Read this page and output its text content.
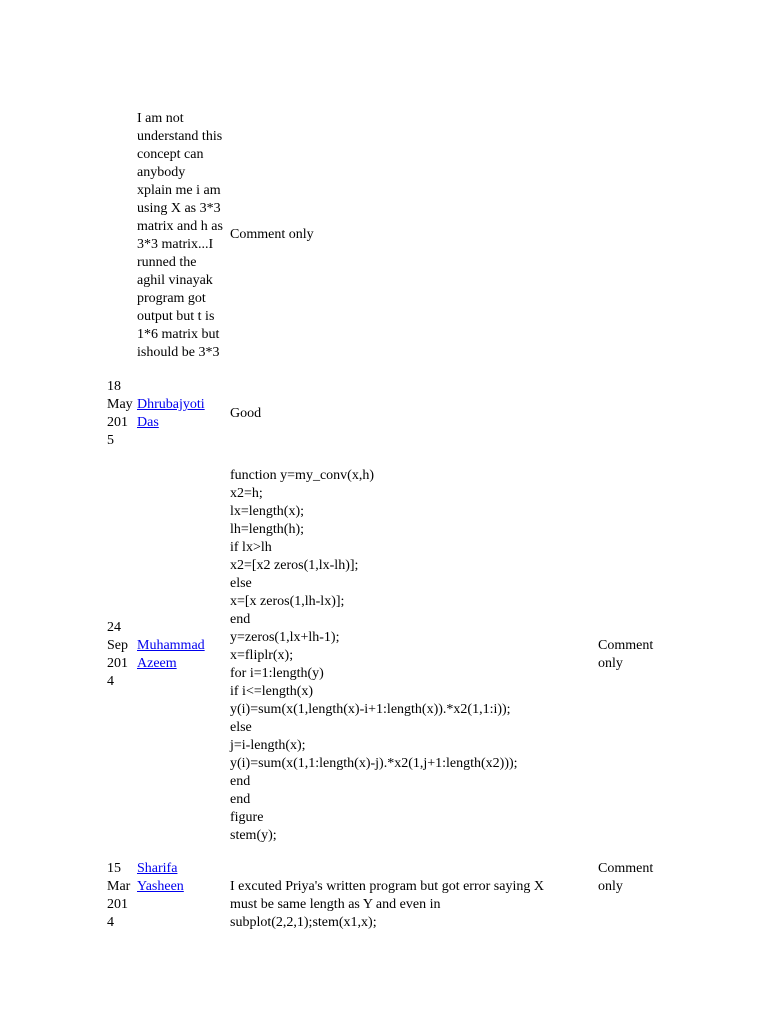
I am not
understand this
concept can
anybody
xplain me i am
using X as 3*3
matrix and h as
3*3 matrix...I
runned the
aghil vinayak
program got
output but t is
1*6 matrix but
ishould be 3*3
Comment only
18
May
201
5
Dhrubajyoti
Das
Good
24
Sep
201
4
Muhammad
Azeem
function y=my_conv(x,h)
x2=h;
lx=length(x);
lh=length(h);
if lx>lh
x2=[x2 zeros(1,lx-lh)];
else
x=[x zeros(1,lh-lx)];
end
y=zeros(1,lx+lh-1);
x=fliplr(x);
for i=1:length(y)
if i<=length(x)
y(i)=sum(x(1,length(x)-i+1:length(x)).*x2(1,1:i));
else
j=i-length(x);
y(i)=sum(x(1,1:length(x)-j).*x2(1,j+1:length(x2)));
end
end
figure
stem(y);
Comment
only
15
Mar
201
4
Sharifa
Yasheen	I excuted Priya's written program but got error saying X
must be same length as Y and even in
subplot(2,2,1);stem(x1,x);
Comment
only
